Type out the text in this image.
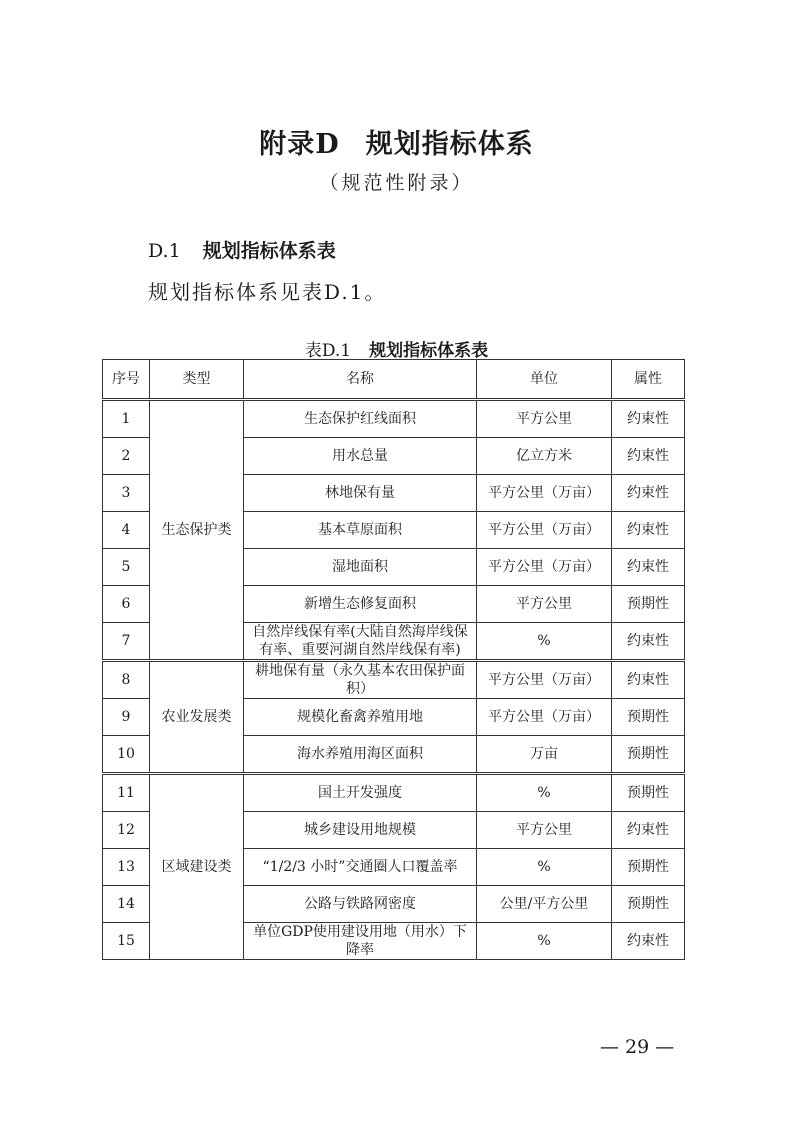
附录D 规划指标体系
（规范性附录）
D.1 规划指标体系表
规划指标体系见表D.1。
表D.1 规划指标体系表
序号	类型	名称	单位	属性
1	生态保护类	生态保护红线面积	平方公里	约束性
2		用水总量	亿立方米	约束性
3		林地保有量	平方公里（万亩）	约束性
4		基本草原面积	平方公里（万亩）	约束性
5		湿地面积	平方公里（万亩）	约束性
6		新增生态修复面积	平方公里	预期性
7		自然岸线保有率(大陆自然海岸线保有率、重要河湖自然岸线保有率)	%	约束性
8	农业发展类	耕地保有量（永久基本农田保护面积）	平方公里（万亩）	约束性
9		规模化畜禽养殖用地	平方公里（万亩）	预期性
10		海水养殖用海区面积	万亩	预期性
11	区域建设类	国土开发强度	%	预期性
12		城乡建设用地规模	平方公里	约束性
13		“1/2/3 小时”交通圈人口覆盖率	%	预期性
14		公路与铁路网密度	公里/平方公里	预期性
15		单位GDP使用建设用地（用水）下降率	%	约束性
— 29 —
